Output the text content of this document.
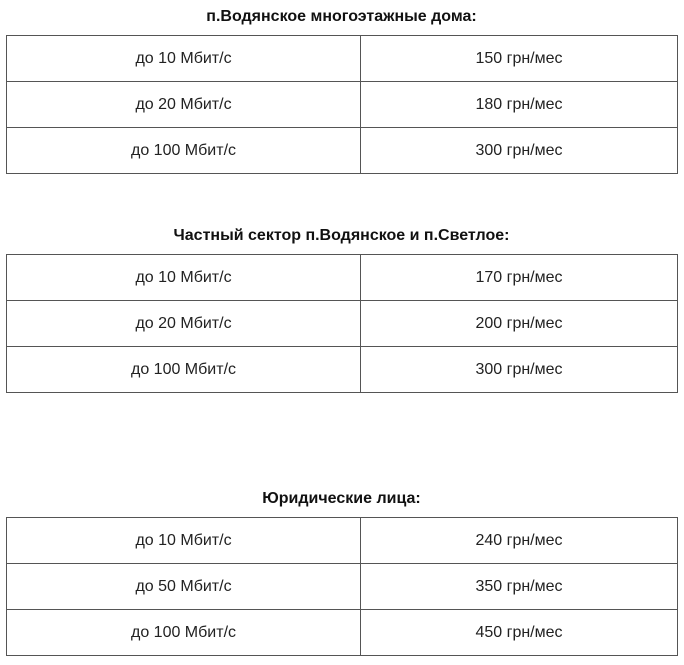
п.Водянское многоэтажные дома:
до 10 Мбит/с	150 грн/мес
до 20 Мбит/с	180 грн/мес
до 100 Мбит/с	300 грн/мес
Частный сектор п.Водянское и п.Светлое:
до 10 Мбит/с	170 грн/мес
до 20 Мбит/с	200 грн/мес
до 100 Мбит/с	300 грн/мес
Юридические лица:
до 10 Мбит/с	240 грн/мес
до 50 Мбит/с	350 грн/мес
до 100 Мбит/с	450 грн/мес
